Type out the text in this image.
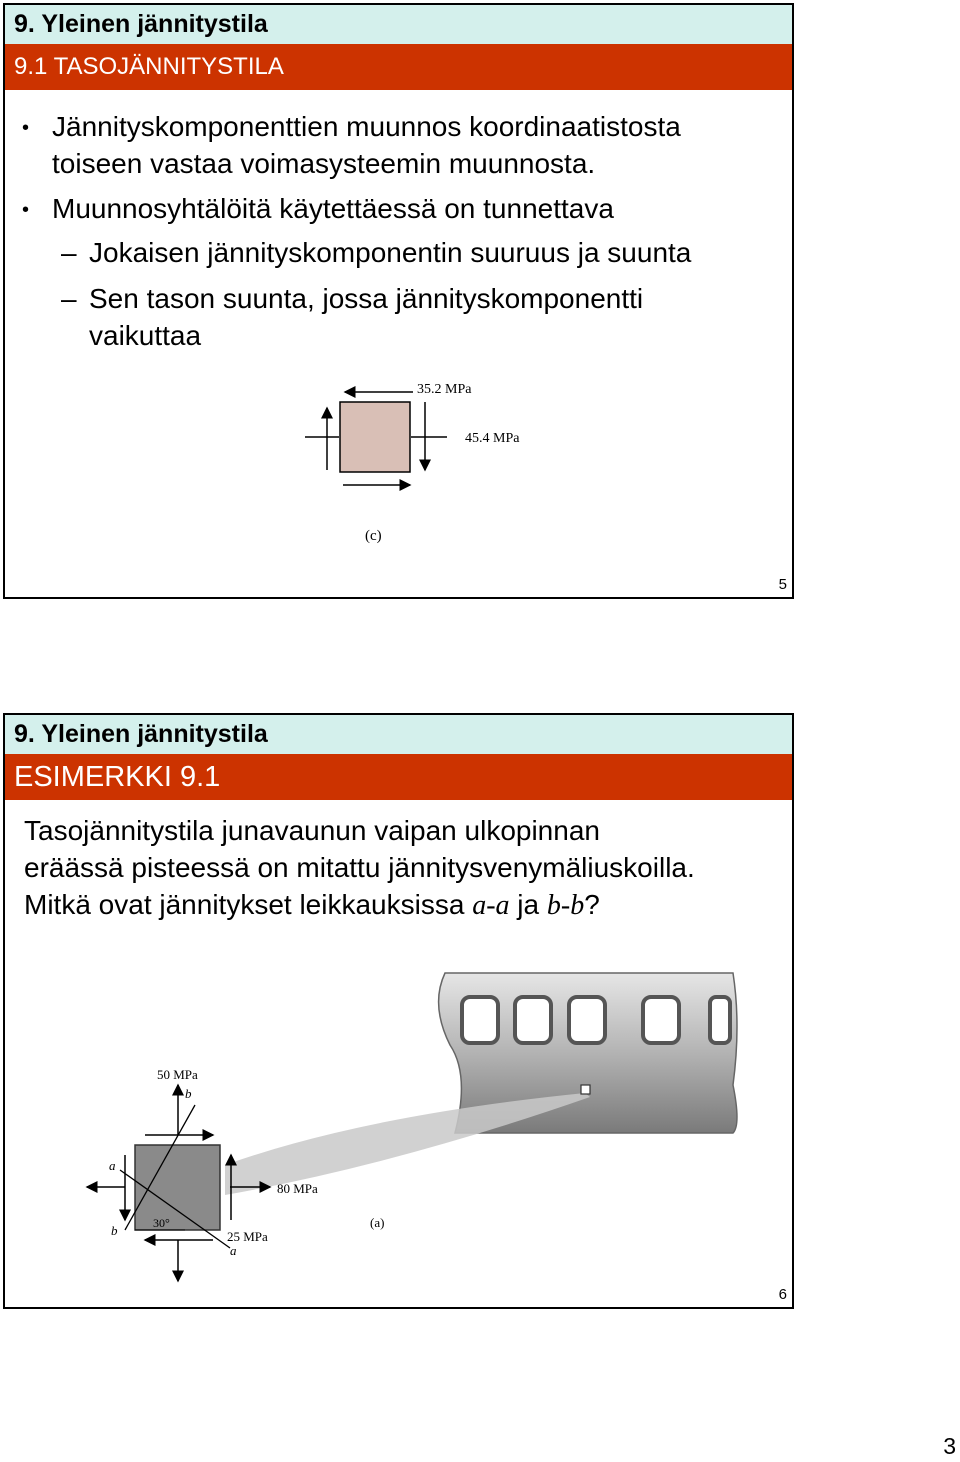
9. Yleinen jännitystila
9.1 TASOJÄNNITYSTILA
• Jännityskomponenttien muunnos koordinaatistosta
toiseen vastaa voimasysteemin muunnosta.
• Muunnosyhtälöitä käytettäessä on tunnettava
– Jokaisen jännityskomponentin suuruus ja suunta
– Sen tason suunta, jossa jännityskomponentti
vaikuttaa
35.2 MPa
45.4 MPa
(c)
5
9. Yleinen jännitystila
ESIMERKKI 9.1
Tasojännitystila junavaunun vaipan ulkopinnan
eräässä pisteessä on mitattu jännitysvenymäliuskoilla.
Mitkä ovat jännitykset leikkauksissa a-a ja b-b?
50 MPa
b
a
b
80 MPa
30°
25 MPa
a
(a)
6
3
